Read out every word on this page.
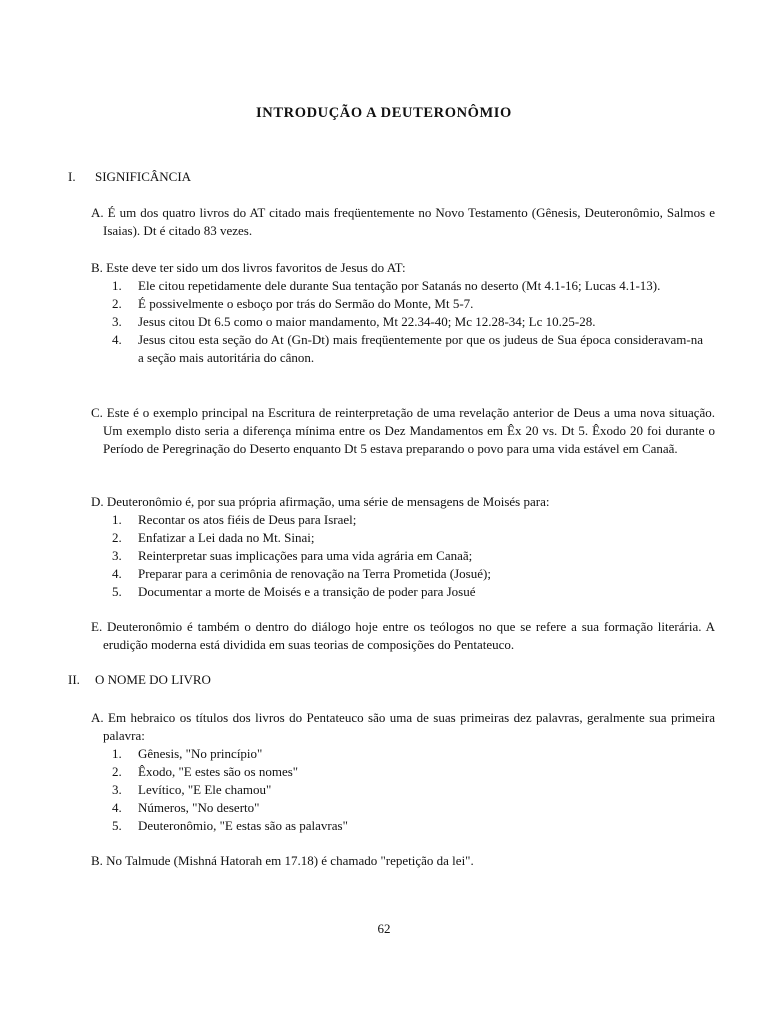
INTRODUÇÃO A DEUTERONÔMIO
I. SIGNIFICÂNCIA
A. É um dos quatro livros do AT citado mais freqüentemente no Novo Testamento (Gênesis, Deuteronômio, Salmos e Isaias). Dt é citado 83 vezes.
B. Este deve ter sido um dos livros favoritos de Jesus do AT:
1. Ele citou repetidamente dele durante Sua tentação por Satanás no deserto (Mt 4.1-16; Lucas 4.1-13).
2. É possivelmente o esboço por trás do Sermão do Monte, Mt 5-7.
3. Jesus citou Dt 6.5 como o maior mandamento, Mt 22.34-40; Mc 12.28-34; Lc 10.25-28.
4. Jesus citou esta seção do At (Gn-Dt) mais freqüentemente por que os judeus de Sua época consideravam-na a seção mais autoritária do cânon.
C. Este é o exemplo principal na Escritura de reinterpretação de uma revelação anterior de Deus a uma nova situação. Um exemplo disto seria a diferença mínima entre os Dez Mandamentos em Êx 20 vs. Dt 5. Êxodo 20 foi durante o Período de Peregrinação do Deserto enquanto Dt 5 estava preparando o povo para uma vida estável em Canaã.
D. Deuteronômio é, por sua própria afirmação, uma série de mensagens de Moisés para:
1. Recontar os atos fiéis de Deus para Israel;
2. Enfatizar a Lei dada no Mt. Sinai;
3. Reinterpretar suas implicações para uma vida agrária em Canaã;
4. Preparar para a cerimônia de renovação na Terra Prometida (Josué);
5. Documentar a morte de Moisés e a transição de poder para Josué
E. Deuteronômio é também o dentro do diálogo hoje entre os teólogos no que se refere a sua formação literária. A erudição moderna está dividida em suas teorias de composições do Pentateuco.
II. O NOME DO LIVRO
A. Em hebraico os títulos dos livros do Pentateuco são uma de suas primeiras dez palavras, geralmente sua primeira palavra:
1. Gênesis, "No princípio"
2. Êxodo, "E estes são os nomes"
3. Levítico, "E Ele chamou"
4. Números, "No deserto"
5. Deuteronômio, "E estas são as palavras"
B. No Talmude (Mishná Hatorah em 17.18) é chamado "repetição da lei".
62
